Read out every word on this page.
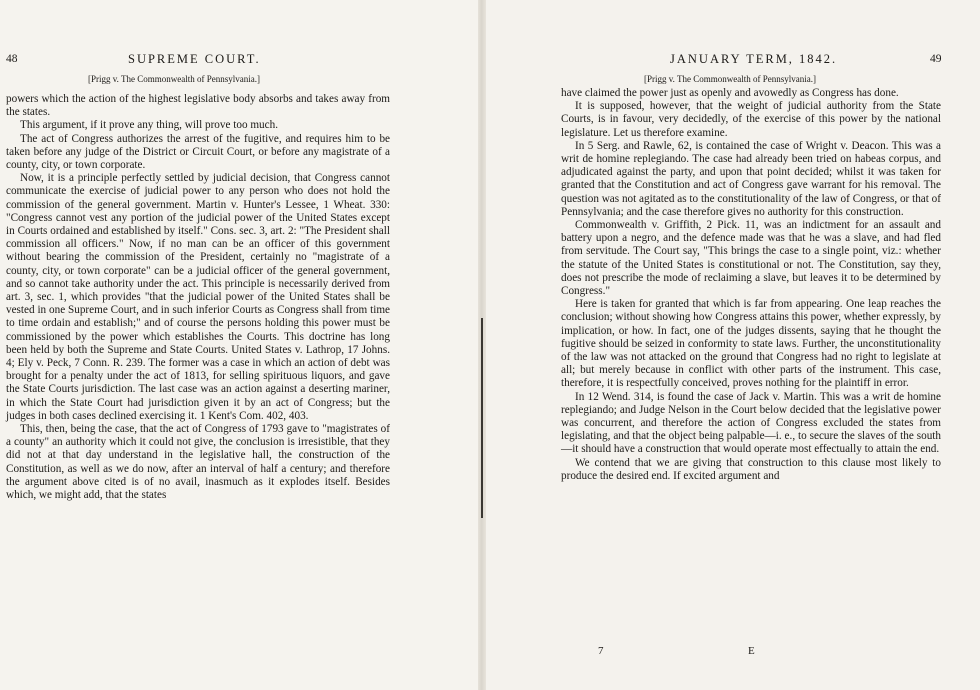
48	SUPREME COURT.
[Prigg v. The Commonwealth of Pennsylvania.]

powers which the action of the highest legislative body absorbs and takes away from the states.

This argument, if it prove any thing, will prove too much.

The act of Congress authorizes the arrest of the fugitive, and requires him to be taken before any judge of the District or Circuit Court, or before any magistrate of a county, city, or town corporate.

Now, it is a principle perfectly settled by judicial decision, that Congress cannot communicate the exercise of judicial power to any person who does not hold the commission of the general government. Martin v. Hunter's Lessee, 1 Wheat. 330: "Congress cannot vest any portion of the judicial power of the United States except in Courts ordained and established by itself." Cons. sec. 3, art. 2: "The President shall commission all officers." Now, if no man can be an officer of this government without bearing the commission of the President, certainly no "magistrate of a county, city, or town corporate" can be a judicial officer of the general government, and so cannot take authority under the act. This principle is necessarily derived from art. 3, sec. 1, which provides "that the judicial power of the United States shall be vested in one Supreme Court, and in such inferior Courts as Congress shall from time to time ordain and establish;" and of course the persons holding this power must be commissioned by the power which establishes the Courts. This doctrine has long been held by both the Supreme and State Courts. United States v. Lathrop, 17 Johns. 4; Ely v. Peck, 7 Conn. R. 239. The former was a case in which an action of debt was brought for a penalty under the act of 1813, for selling spirituous liquors, and gave the State Courts jurisdiction. The last case was an action against a deserting mariner, in which the State Court had jurisdiction given it by an act of Congress; but the judges in both cases declined exercising it. 1 Kent's Com. 402, 403.

This, then, being the case, that the act of Congress of 1793 gave to "magistrates of a county" an authority which it could not give, the conclusion is irresistible, that they did not at that day understand in the legislative hall, the construction of the Constitution, as well as we do now, after an interval of half a century; and therefore the argument above cited is of no avail, inasmuch as it explodes itself. Besides which, we might add, that the states

JANUARY TERM, 1842.	49
[Prigg v. The Commonwealth of Pennsylvania.]

have claimed the power just as openly and avowedly as Congress has done.

It is supposed, however, that the weight of judicial authority from the State Courts, is in favour, very decidedly, of the exercise of this power by the national legislature. Let us therefore examine.

In 5 Serg. and Rawle, 62, is contained the case of Wright v. Deacon. This was a writ de homine replegiando. The case had already been tried on habeas corpus, and adjudicated against the party, and upon that point decided; whilst it was taken for granted that the Constitution and act of Congress gave warrant for his removal. The question was not agitated as to the constitutionality of the law of Congress, or that of Pennsylvania; and the case therefore gives no authority for this construction.

Commonwealth v. Griffith, 2 Pick. 11, was an indictment for an assault and battery upon a negro, and the defence made was that he was a slave, and had fled from servitude. The Court say, "This brings the case to a single point, viz.: whether the statute of the United States is constitutional or not. The Constitution, say they, does not prescribe the mode of reclaiming a slave, but leaves it to be determined by Congress."

Here is taken for granted that which is far from appearing. One leap reaches the conclusion; without showing how Congress attains this power, whether expressly, by implication, or how. In fact, one of the judges dissents, saying that he thought the fugitive should be seized in conformity to state laws. Further, the unconstitutionality of the law was not attacked on the ground that Congress had no right to legislate at all; but merely because in conflict with other parts of the instrument. This case, therefore, it is respectfully conceived, proves nothing for the plaintiff in error.

In 12 Wend. 314, is found the case of Jack v. Martin. This was a writ de homine replegiando; and Judge Nelson in the Court below decided that the legislative power was concurrent, and therefore the action of Congress excluded the states from legislating, and that the object being palpable—i. e., to secure the slaves of the south—it should have a construction that would operate most effectually to attain the end.

We contend that we are giving that construction to this clause most likely to produce the desired end. If excited argument and

7	E
